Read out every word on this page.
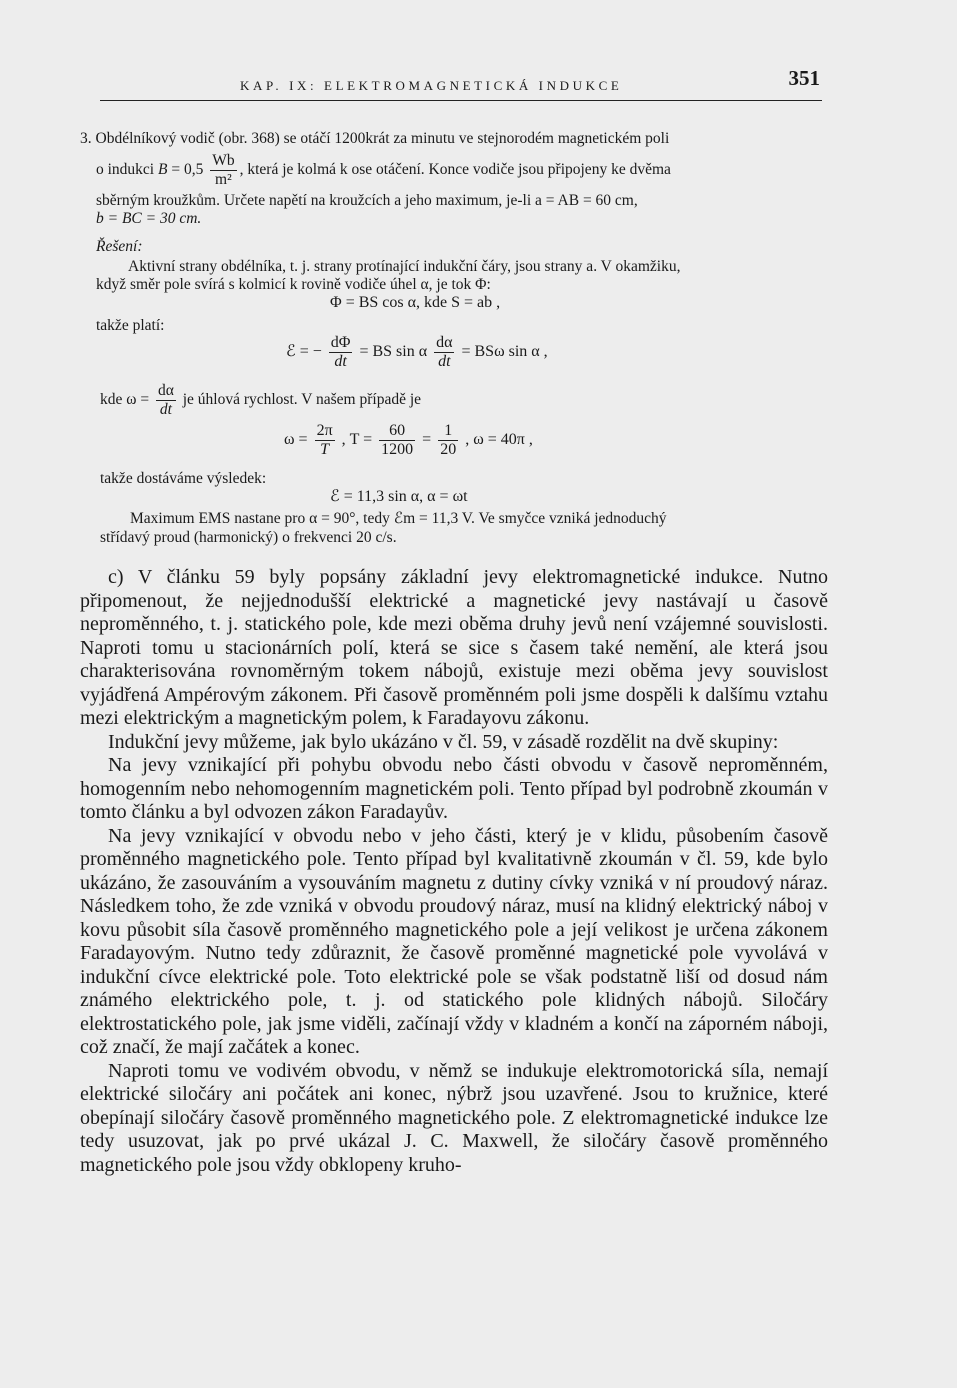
KAP. IX: ELEKTROMAGNETICKÁ INDUKCE	351
3. Obdélníkový vodič (obr. 368) se otáčí 1200krát za minutu ve stejnorodém magnetickém poli
o indukci $B = 0,5 \frac{Wb}{\text{m²}}$ , která je kolmá k ose otáčení. Konce vodiče jsou připojeny ke dvěma
sběrným kroužkům. Určete napětí na kroužcích a jeho maximum, je-li a = AB = 60 cm,
b = BC = 30 cm.
Řešení:
Aktivní strany obdélníka, t. j. strany protínající indukční čáry, jsou strany a. V okamžiku,
když směr pole svírá s kolmicí k rovině vodiče úhel α, je tok Φ:
Φ = BS cos α, kde S = ab ,
takže platí:
ℰ = − $\frac{d\Phi}{dt}$ = BS sin α $\frac{d\alpha}{dt} = BS\omega$ sin α ,
kde $\omega = \frac{d\alpha}{dt}$ je úhlová rychlost. V našem případě je
$\omega = \frac{2\pi}{T}$ , $T = \frac{60}{1200} = \frac{1}{20}$ , ω = 40π ,
takže dostáváme výsledek:
ℰ = 11,3 sin α, α = ωt
Maximum EMS nastane pro α = 90°, tedy ℰm = 11,3 V. Ve smyčce vzniká jednoduchý
střídavý proud (harmonický) o frekvenci 20 c/s.

c) V článku 59 byly popsány základní jevy elektromagnetické indukce. Nutno připomenout, že nejjednodušší elektrické a magnetické jevy nastávají u časově neproměnného, t. j. statického pole, kde mezi oběma druhy jevů není vzájemné souvislosti. Naproti tomu u stacionárních polí, která se sice s časem také nemění, ale která jsou charakterisována rovnoměrným tokem nábojů, existuje mezi oběma jevy souvislost vyjádřená Ampérovým zákonem. Při časově proměnném poli jsme dospěli k dalšímu vztahu mezi elektrickým a magnetickým polem, k Faradayovu zákonu.

Indukční jevy můžeme, jak bylo ukázáno v čl. 59, v zásadě rozdělit na dvě skupiny:

Na jevy vznikající při pohybu obvodu nebo části obvodu v časově neproměnném, homogenním nebo nehomogenním magnetickém poli. Tento případ byl podrobně zkoumán v tomto článku a byl odvozen zákon Faradayův.

Na jevy vznikající v obvodu nebo v jeho části, který je v klidu, působením časově proměnného magnetického pole. Tento případ byl kvalitativně zkoumán v čl. 59, kde bylo ukázáno, že zasouváním a vysouváním magnetu z dutiny cívky vzniká v ní proudový náraz. Následkem toho, že zde vzniká v obvodu proudový náraz, musí na klidný elektrický náboj v kovu působit síla časově proměnného magnetického pole a její velikost je určena zákonem Faradayovým. Nutno tedy zdůraznit, že časově proměnné magnetické pole vyvolává v indukční cívce elektrické pole. Toto elektrické pole se však podstatně liší od dosud nám známého elektrického pole, t. j. od statického pole klidných nábojů. Siločáry elektrostatického pole, jak jsme viděli, začínají vždy v kladném a končí na záporném náboji, což značí, že mají začátek a konec.

Naproti tomu ve vodivém obvodu, v němž se indukuje elektromotorická síla, nemají elektrické siločáry ani počátek ani konec, nýbrž jsou uzavřené. Jsou to kružnice, které obepínají siločáry časově proměnného magnetického pole. Z elektromagnetické indukce lze tedy usuzovat, jak po prvé ukázal J. C. Maxwell, že siločáry časově proměnného magnetického pole jsou vždy obklopeny kruho-
